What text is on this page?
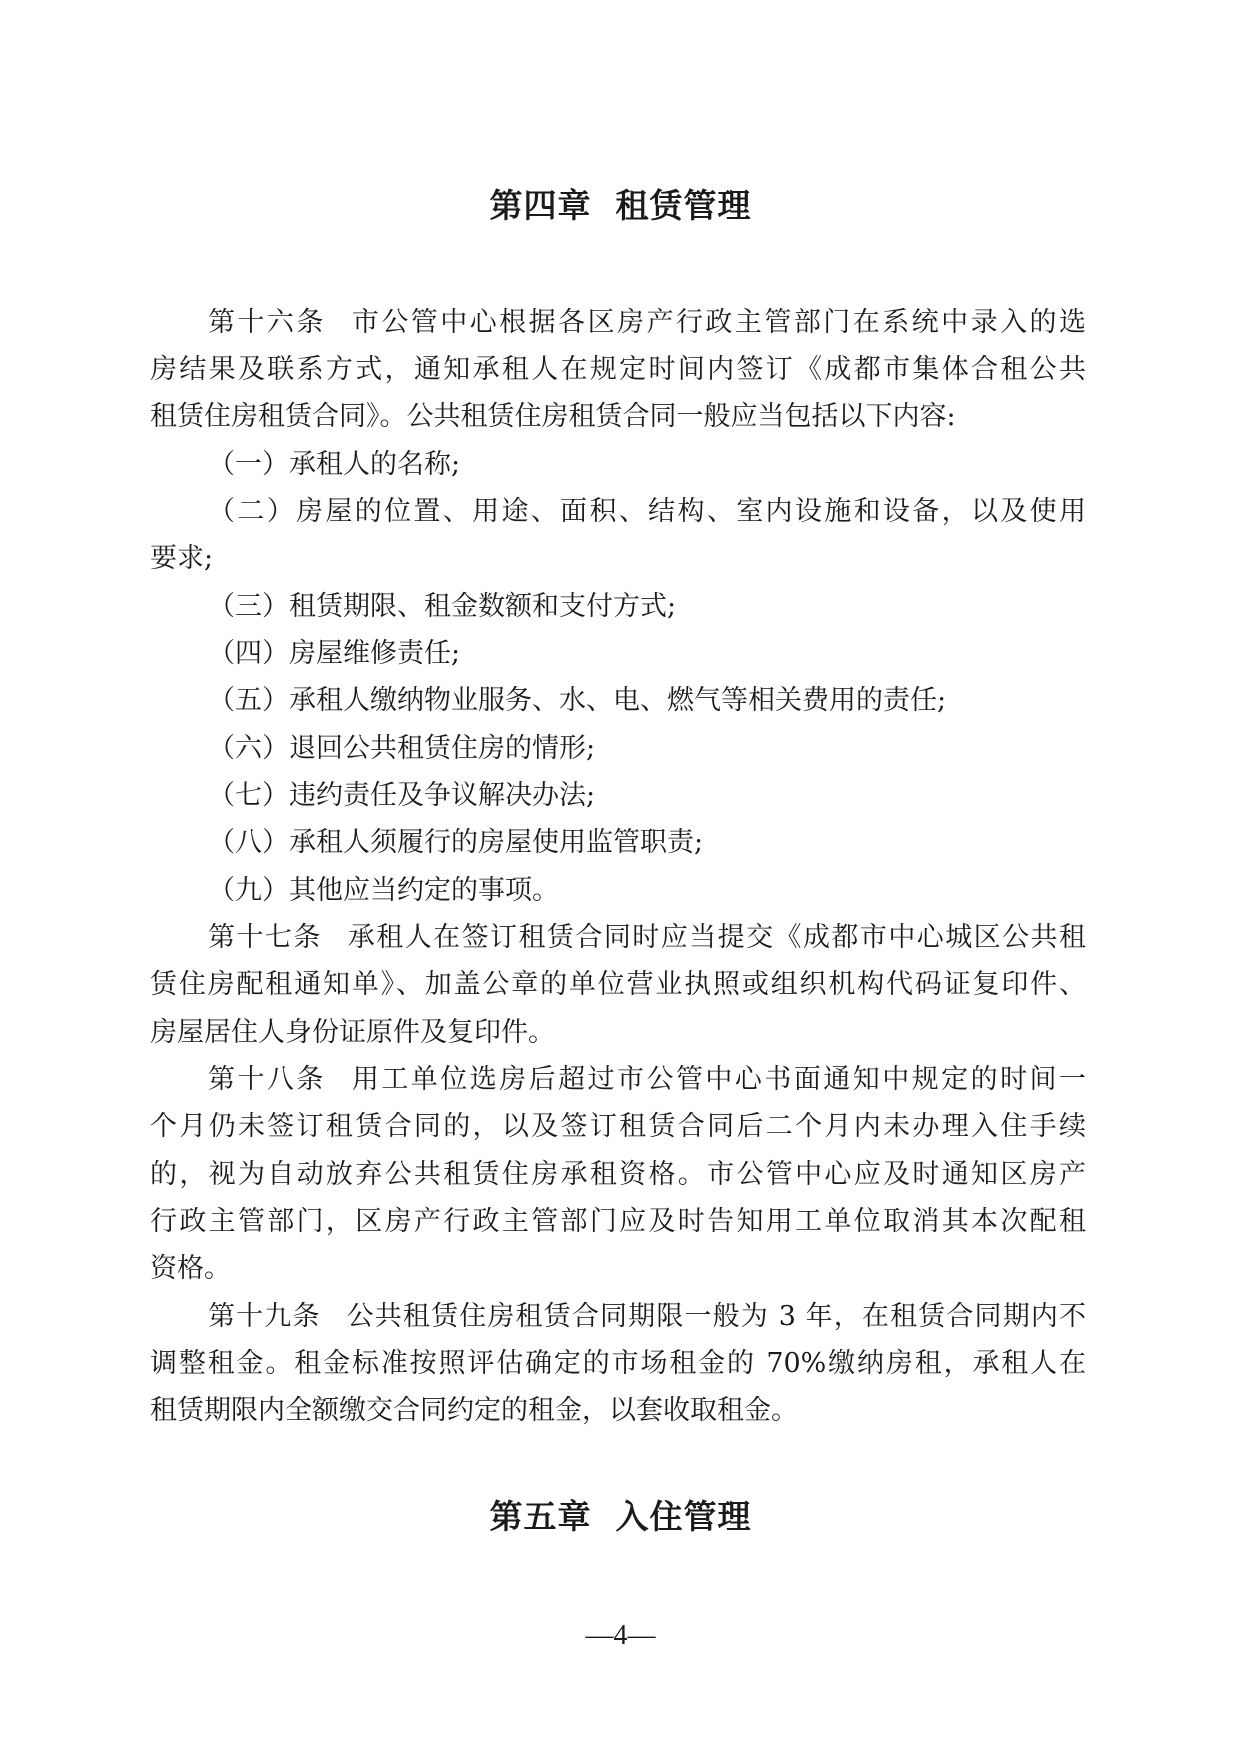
第四章 租赁管理
第十六条 市公管中心根据各区房产行政主管部门在系统中录入的选
房结果及联系方式，通知承租人在规定时间内签订《成都市集体合租公共
租赁住房租赁合同》。公共租赁住房租赁合同一般应当包括以下内容:
（一）承租人的名称;
（二）房屋的位置、用途、面积、结构、室内设施和设备，以及使用
要求;
（三）租赁期限、租金数额和支付方式;
（四）房屋维修责任;
（五）承租人缴纳物业服务、水、电、燃气等相关费用的责任;
（六）退回公共租赁住房的情形;
（七）违约责任及争议解决办法;
（八）承租人须履行的房屋使用监管职责;
（九）其他应当约定的事项。
第十七条 承租人在签订租赁合同时应当提交《成都市中心城区公共租
赁住房配租通知单》、加盖公章的单位营业执照或组织机构代码证复印件、
房屋居住人身份证原件及复印件。
第十八条 用工单位选房后超过市公管中心书面通知中规定的时间一
个月仍未签订租赁合同的，以及签订租赁合同后二个月内未办理入住手续
的，视为自动放弃公共租赁住房承租资格。市公管中心应及时通知区房产
行政主管部门，区房产行政主管部门应及时告知用工单位取消其本次配租
资格。
第十九条 公共租赁住房租赁合同期限一般为 3 年，在租赁合同期内不
调整租金。租金标准按照评估确定的市场租金的 70%缴纳房租，承租人在
租赁期限内全额缴交合同约定的租金，以套收取租金。
第五章 入住管理
—4—
